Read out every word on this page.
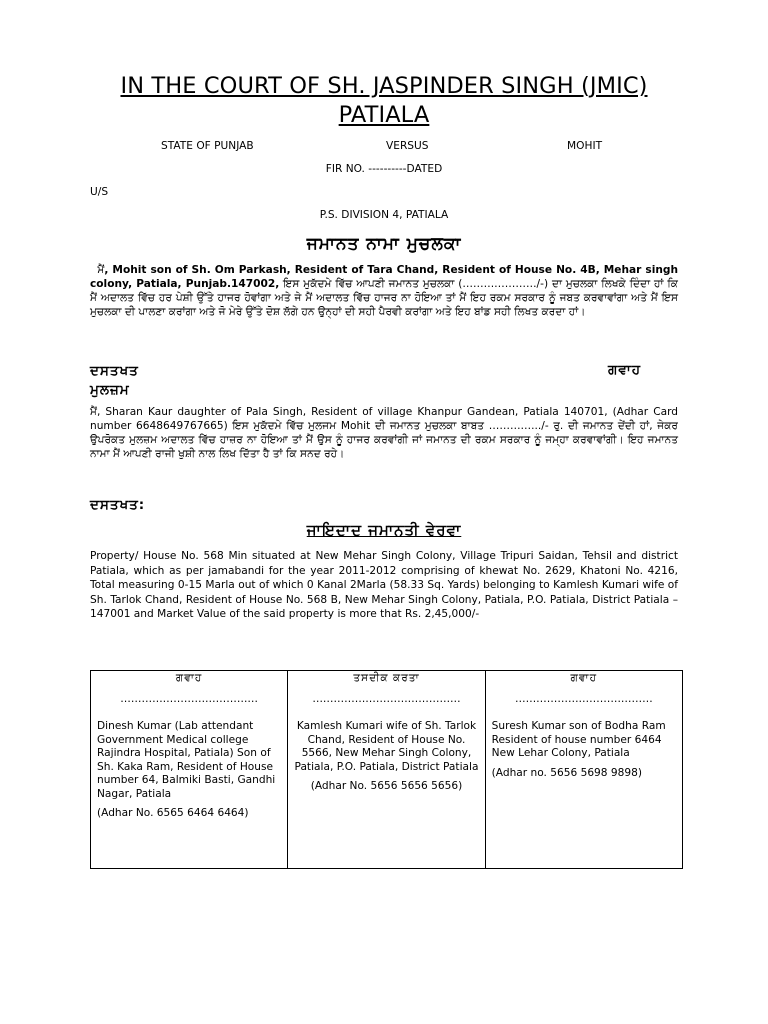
IN THE COURT OF SH. JASPINDER SINGH (JMIC)
PATIALA
STATE OF PUNJAB	VERSUS	MOHIT
FIR NO. ----------DATED
U/S
P.S. DIVISION 4, PATIALA
ਜਮਾਨਤ ਨਾਮਾ ਮੁਚਲਕਾ
ਮੈਂ, Mohit son of Sh. Om Parkash, Resident of Tara Chand, Resident of House No. 4B, Mehar singh colony, Patiala, Punjab.147002, ਇਸ ਮੁਕੱਦਮੇ ਵਿੱਚ ਆਪਣੀ ਜਮਾਨਤ ਮੁਚਲਕਾ (…………………/-) ਦਾ ਮੁਚਲਕਾ ਲਿਖਕੇ ਦਿੰਦਾ ਹਾਂ ਕਿ ਮੈਂ ਅਦਾਲਤ ਵਿੱਚ ਹਰ ਪੇਸ਼ੀ ਉੱਤੇ ਹਾਜਰ ਹੋਵਾਂਗਾ ਅਤੇ ਜੇ ਮੈਂ ਅਦਾਲਤ ਵਿੱਚ ਹਾਜਰ ਨਾ ਹੋਇਆ ਤਾਂ ਮੈਂ ਇਹ ਰਕਮ ਸਰਕਾਰ ਨੂੰ ਜਬਤ ਕਰਵਾਵਾਂਗਾ ਅਤੇ ਮੈਂ ਇਸ ਮੁਚਲਕਾ ਦੀ ਪਾਲਣਾ ਕਰਾਂਗਾ ਅਤੇ ਜੋ ਮੇਰੇ ਉੱਤੇ ਦੋਸ਼ ਲੱਗੇ ਹਨ ਉਨ੍ਹਾਂ ਦੀ ਸਹੀ ਪੈਰਵੀ ਕਰਾਂਗਾ ਅਤੇ ਇਹ ਬਾਂਡ ਸਹੀ ਲਿਖਤ ਕਰਦਾ ਹਾਂ।
ਦਸਤਖਤ ਮੁਲਜ਼ਮ
ਗਵਾਹ
ਮੈਂ, Sharan Kaur daughter of Pala Singh, Resident of village Khanpur Gandean, Patiala 140701, (Adhar Card number 6648649767665) ਇਸ ਮੁਕੱਦਮੇ ਵਿੱਚ ਮੁਲਜਮ Mohit ਦੀ ਜਮਾਨਤ ਮੁਚਲਕਾ ਬਾਬਤ ………….../- ਰੁ. ਦੀ ਜਮਾਨਤ ਦੇਂਦੀ ਹਾਂ, ਜੇਕਰ ਉਪਰੋਕਤ ਮੁਲਜ਼ਮ ਅਦਾਲਤ ਵਿੱਚ ਹਾਜ਼ਰ ਨਾ ਹੋਇਆ ਤਾਂ ਮੈਂ ਉਸ ਨੂੰ ਹਾਜਰ ਕਰਵਾਂਗੀ ਜਾਂ ਜਮਾਨਤ ਦੀ ਰਕਮ ਸਰਕਾਰ ਨੂੰ ਜਮ੍ਹਾ ਕਰਵਾਵਾਂਗੀ। ਇਹ ਜਮਾਨਤ ਨਾਮਾ ਮੈਂ ਆਪਣੀ ਰਾਜੀ ਖੁਸ਼ੀ ਨਾਲ ਲਿਖ ਦਿੱਤਾ ਹੈ ਤਾਂ ਕਿ ਸਨਦ ਰਹੇ।
ਦਸਤਖਤ:
ਜਾਇਦਾਦ ਜਮਾਨਤੀ ਵੇਰਵਾ
Property/ House No. 568 Min situated at New Mehar Singh Colony, Village Tripuri Saidan, Tehsil and district Patiala, which as per jamabandi for the year 2011-2012 comprising of khewat No. 2629, Khatoni No. 4216, Total measuring 0-15 Marla out of which 0 Kanal 2Marla (58.33 Sq. Yards) belonging to Kamlesh Kumari wife of Sh. Tarlok Chand, Resident of House No. 568 B, New Mehar Singh Colony, Patiala, P.O. Patiala, District Patiala – 147001 and Market Value of the said property is more that Rs. 2,45,000/-
ਗਵਾਹ
…………………………………
Dinesh Kumar (Lab attendant Government Medical college Rajindra Hospital, Patiala) Son of Sh. Kaka Ram, Resident of House number 64, Balmiki Basti, Gandhi Nagar, Patiala
(Adhar No. 6565 6464 6464)

ਤਸਦੀਕ ਕਰਤਾ
……………………………………
Kamlesh Kumari wife of Sh. Tarlok Chand, Resident of House No. 5566, New Mehar Singh Colony, Patiala, P.O. Patiala, District Patiala
(Adhar No. 5656 5656 5656)

ਗਵਾਹ
…………………………………
Suresh Kumar son of Bodha Ram Resident of house number 6464 New Lehar Colony, Patiala
(Adhar no. 5656 5698 9898)
